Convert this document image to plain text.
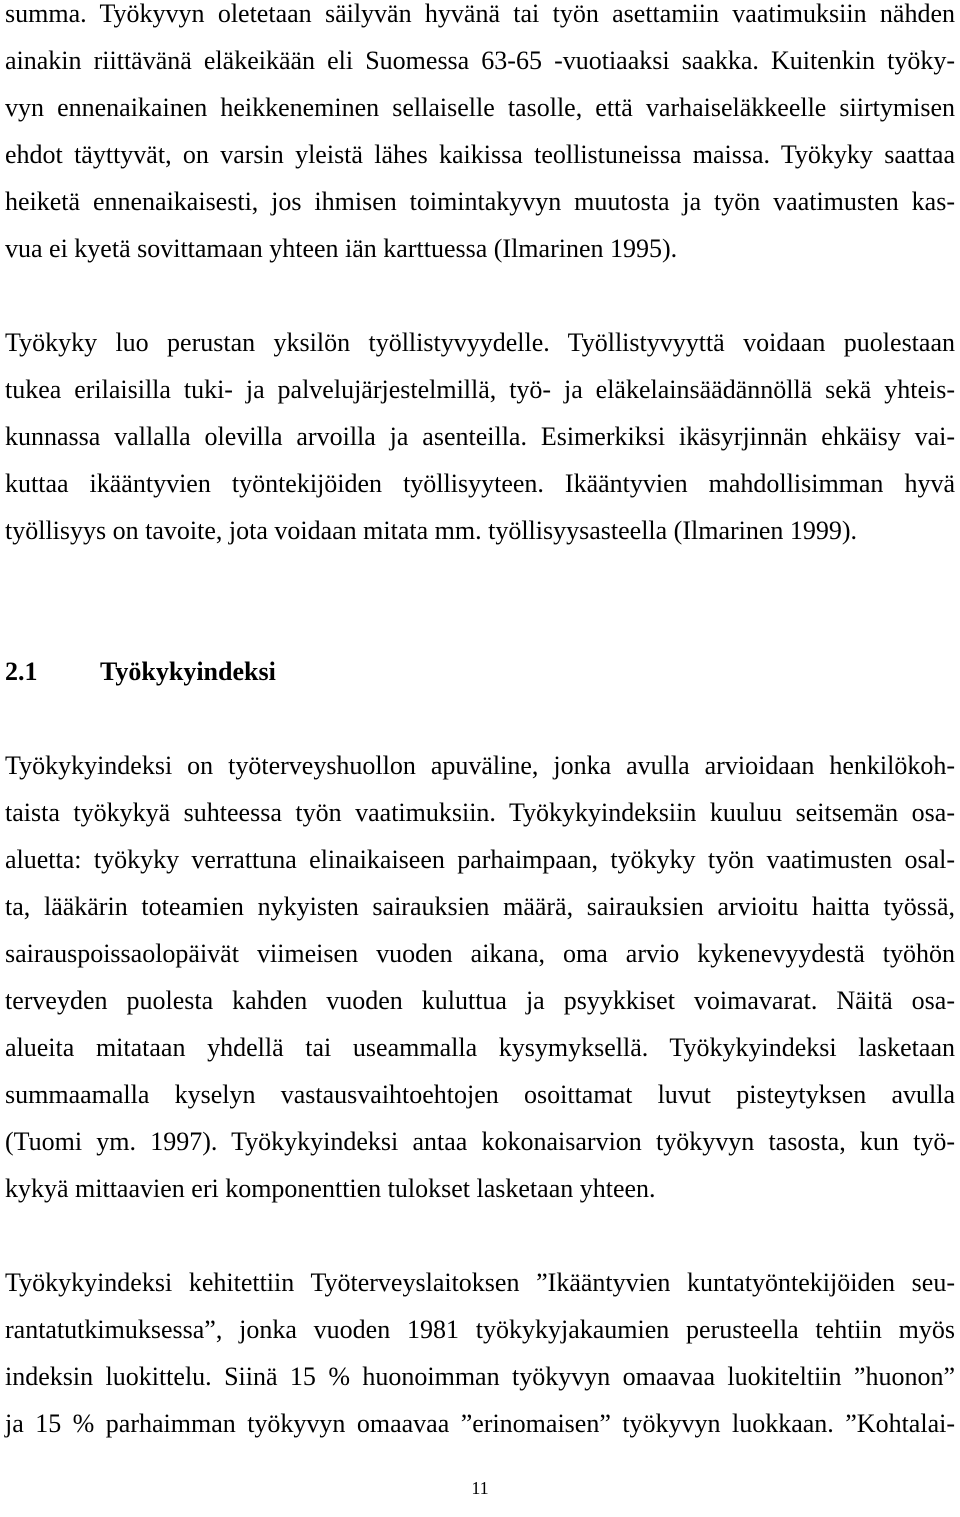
summa. Työkyvyn oletetaan säilyvän hyvänä tai työn asettamiin vaatimuksiin nähden
ainakin riittävänä eläkeikään eli Suomessa 63-65 -vuotiaaksi saakka. Kuitenkin työky-
vyn ennenaikainen heikkeneminen sellaiselle tasolle, että varhaiseläkkeelle siirtymisen
ehdot täyttyvät, on varsin yleistä lähes kaikissa teollistuneissa maissa. Työkyky saattaa
heiketä ennenaikaisesti, jos ihmisen toimintakyvyn muutosta ja työn vaatimusten kas-
vua ei kyetä sovittamaan yhteen iän karttuessa (Ilmarinen 1995).
Työkyky luo perustan yksilön työllistyvyydelle. Työllistyvyyttä voidaan puolestaan
tukea erilaisilla tuki- ja palvelujärjestelmillä, työ- ja eläkelainsäädännöllä sekä yhteis-
kunnassa vallalla olevilla arvoilla ja asenteilla. Esimerkiksi ikäsyrjinnän ehkäisy vai-
kuttaa ikääntyvien työntekijöiden työllisyyteen. Ikääntyvien mahdollisimman hyvä
työllisyys on tavoite, jota voidaan mitata mm. työllisyysasteella (Ilmarinen 1999).
2.1 Työkykyindeksi
Työkykyindeksi on työterveyshuollon apuväline, jonka avulla arvioidaan henkilökoh-
taista työkykyä suhteessa työn vaatimuksiin. Työkykyindeksiin kuuluu seitsemän osa-
aluetta: työkyky verrattuna elinaikaiseen parhaimpaan, työkyky työn vaatimusten osal-
ta, lääkärin toteamien nykyisten sairauksien määrä, sairauksien arvioitu haitta työssä,
sairauspoissaolopäivät viimeisen vuoden aikana, oma arvio kykenevyydestä työhön
terveyden puolesta kahden vuoden kuluttua ja psyykkiset voimavarat. Näitä osa-
alueita mitataan yhdellä tai useammalla kysymyksellä. Työkykyindeksi lasketaan
summaamalla kyselyn vastausvaihtoehtojen osoittamat luvut pisteytyksen avulla
(Tuomi ym. 1997). Työkykyindeksi antaa kokonaisarvion työkyvyn tasosta, kun työ-
kykyä mittaavien eri komponenttien tulokset lasketaan yhteen.
Työkykyindeksi kehitettiin Työterveyslaitoksen ”Ikääntyvien kuntatyöntekijöiden seu-
rantatutkimuksessa”, jonka vuoden 1981 työkykyjakaumien perusteella tehtiin myös
indeksin luokittelu. Siinä 15 % huonoimman työkyvyn omaavaa luokiteltiin ”huonon”
ja 15 % parhaimman työkyvyn omaavaa ”erinomaisen” työkyvyn luokkaan. ”Kohtalai-
11
